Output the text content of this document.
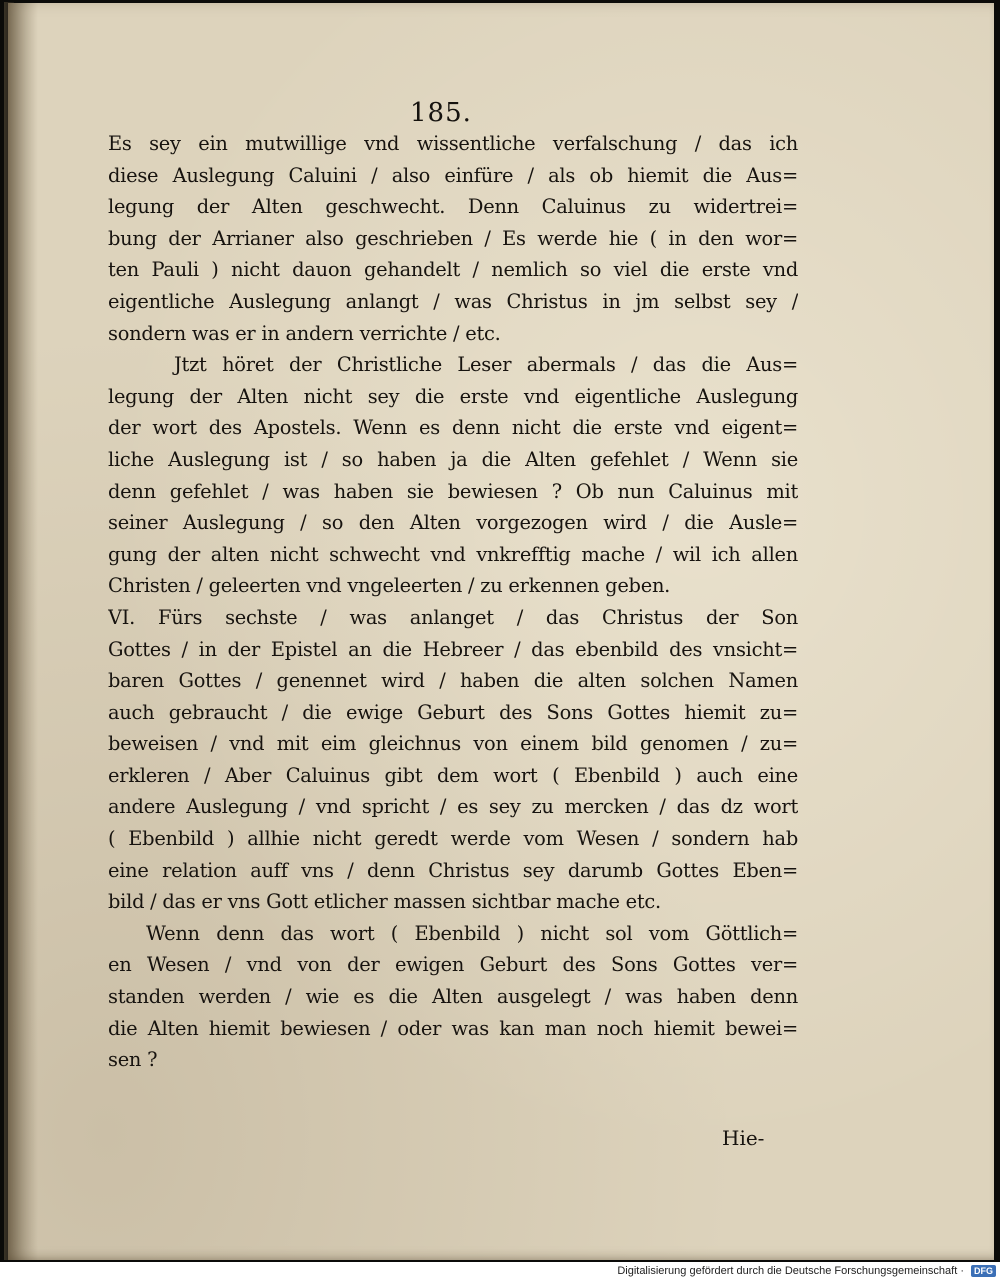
185.
Es sey ein mutwillige vnd wissentliche verfalschung / das ich
diese Auslegung Caluini / also einfüre / als ob hiemit die Aus=
legung der Alten geschwecht. Denn Caluinus zu widertrei=
bung der Arrianer also geschrieben / Es werde hie ( in den wor=
ten Pauli ) nicht dauon gehandelt / nemlich so viel die erste vnd
eigentliche Auslegung anlangt / was Christus in jm selbst sey /
sondern was er in andern verrichte / etc.
Jtzt höret der Christliche Leser abermals / das die Aus=
legung der Alten nicht sey die erste vnd eigentliche Auslegung
der wort des Apostels. Wenn es denn nicht die erste vnd eigent=
liche Auslegung ist / so haben ja die Alten gefehlet / Wenn sie
denn gefehlet / was haben sie bewiesen ? Ob nun Caluinus mit
seiner Auslegung / so den Alten vorgezogen wird / die Ausle=
gung der alten nicht schwecht vnd vnkrefftig mache / wil ich allen
Christen / geleerten vnd vngeleerten / zu erkennen geben.
VI. Fürs sechste / was anlanget / das Christus der Son
Gottes / in der Epistel an die Hebreer / das ebenbild des vnsicht=
baren Gottes / genennet wird / haben die alten solchen Namen
auch gebraucht / die ewige Geburt des Sons Gottes hiemit zu=
beweisen / vnd mit eim gleichnus von einem bild genomen / zu=
erkleren / Aber Caluinus gibt dem wort ( Ebenbild ) auch eine
andere Auslegung / vnd spricht / es sey zu mercken / das dz wort
( Ebenbild ) allhie nicht geredt werde vom Wesen / sondern hab
eine relation auff vns / denn Christus sey darumb Gottes Eben=
bild / das er vns Gott etlicher massen sichtbar mache etc.
Wenn denn das wort ( Ebenbild ) nicht sol vom Göttlich=
en Wesen / vnd von der ewigen Geburt des Sons Gottes ver=
standen werden / wie es die Alten ausgelegt / was haben denn
die Alten hiemit bewiesen / oder was kan man noch hiemit bewei=
sen ?
Hie-
Digitalisierung gefördert durch die Deutsche Forschungsgemeinschaft ·	DFG
